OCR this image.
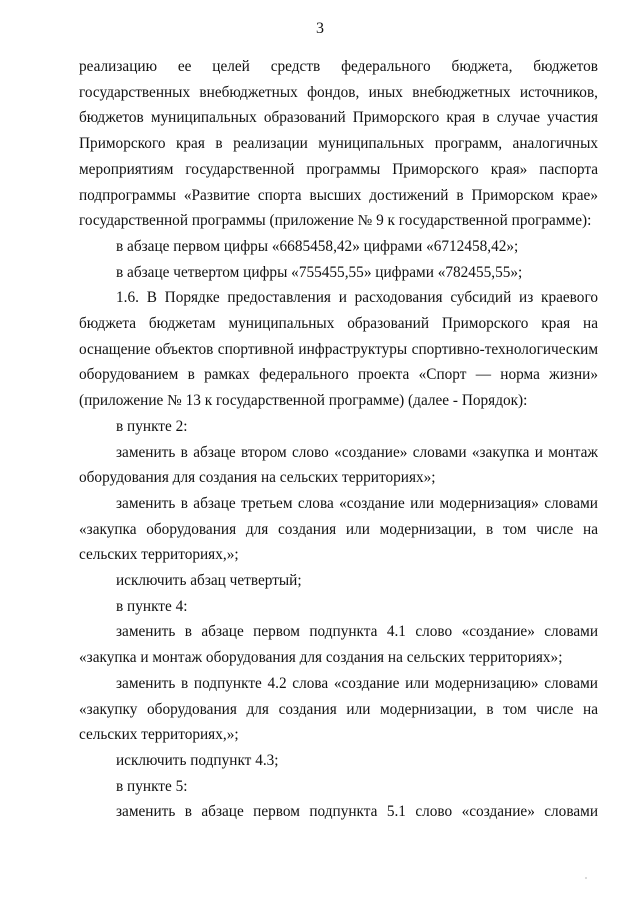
3
реализацию ее целей средств федерального бюджета, бюджетов
государственных внебюджетных фондов, иных внебюджетных источников,
бюджетов муниципальных образований Приморского края в случае участия
Приморского края в реализации муниципальных программ, аналогичных
мероприятиям государственной программы Приморского края» паспорта
подпрограммы «Развитие спорта высших достижений в Приморском крае»
государственной программы (приложение № 9 к государственной программе):
в абзаце первом цифры «6685458,42» цифрами «6712458,42»;
в абзаце четвертом цифры «755455,55» цифрами «782455,55»;
1.6. В Порядке предоставления и расходования субсидий из краевого
бюджета бюджетам муниципальных образований Приморского края на
оснащение объектов спортивной инфраструктуры спортивно-технологическим
оборудованием в рамках федерального проекта «Спорт — норма жизни»
(приложение № 13 к государственной программе) (далее - Порядок):
в пункте 2:
заменить в абзаце втором слово «создание» словами «закупка и монтаж
оборудования для создания на сельских территориях»;
заменить в абзаце третьем слова «создание или модернизация» словами
«закупка оборудования для создания или модернизации, в том числе на
сельских территориях,»;
исключить абзац четвертый;
в пункте 4:
заменить в абзаце первом подпункта 4.1 слово «создание» словами
«закупка и монтаж оборудования для создания на сельских территориях»;
заменить в подпункте 4.2 слова «создание или модернизацию» словами
«закупку оборудования для создания или модернизации, в том числе на
сельских территориях,»;
исключить подпункт 4.3;
в пункте 5:
заменить в абзаце первом подпункта 5.1 слово «создание» словами
